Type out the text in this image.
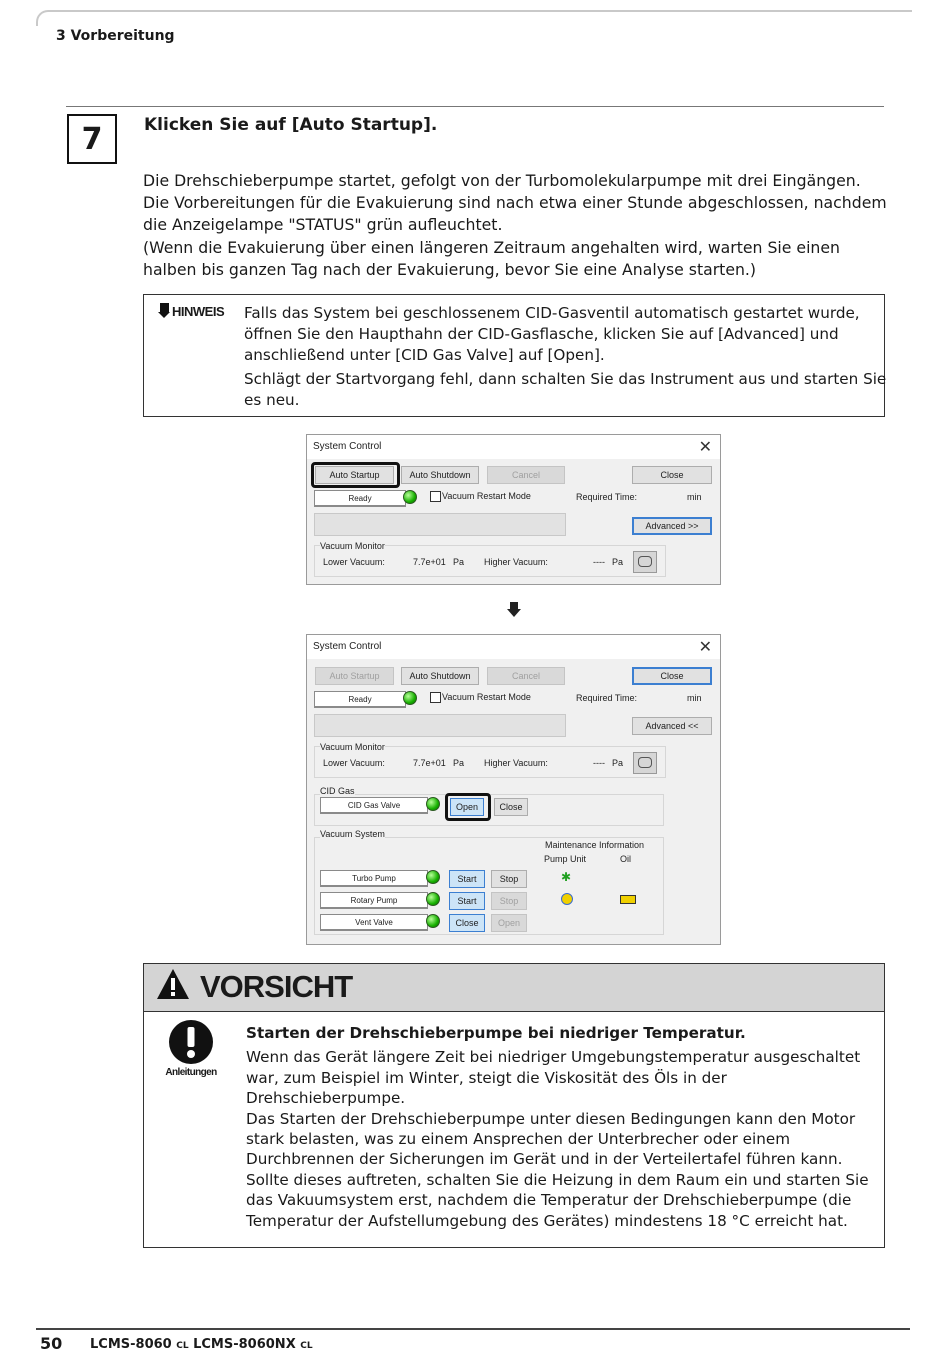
3 Vorbereitung
7	Klicken Sie auf [Auto Startup].
Die Drehschieberpumpe startet, gefolgt von der Turbomolekularpumpe mit drei Eingängen.
Die Vorbereitungen für die Evakuierung sind nach etwa einer Stunde abgeschlossen, nachdem
die Anzeigelampe "STATUS" grün aufleuchtet.
(Wenn die Evakuierung über einen längeren Zeitraum angehalten wird, warten Sie einen
halben bis ganzen Tag nach der Evakuierung, bevor Sie eine Analyse starten.)
HINWEIS Falls das System bei geschlossenem CID-Gasventil automatisch gestartet wurde,
öffnen Sie den Haupthahn der CID-Gasflasche, klicken Sie auf [Advanced] und
anschließend unter [CID Gas Valve] auf [Open].
Schlägt der Startvorgang fehl, dann schalten Sie das Instrument aus und starten Sie
es neu.
System Control	✕
Auto Startup	Auto Shutdown	Cancel	Close
Ready	Vacuum Restart Mode	Required Time:	min
Advanced >>
Vacuum Monitor
Lower Vacuum:	7.7e+01 Pa Higher Vacuum:	---- Pa
System Control	✕
Auto Startup	Auto Shutdown	Cancel	Close
Ready	Vacuum Restart Mode	Required Time:	min
Advanced <<
Vacuum Monitor
Lower Vacuum:	7.7e+01 Pa Higher Vacuum:	---- Pa
CID Gas
CID Gas Valve	Open	Close
Vacuum System
Maintenance Information
Pump Unit	Oil
Turbo Pump	Start	Stop	✱
Rotary Pump	Start	Stop
Vent Valve	Close	Open
VORSICHT
Anleitungen
Starten der Drehschieberpumpe bei niedriger Temperatur.
Wenn das Gerät längere Zeit bei niedriger Umgebungstemperatur ausgeschaltet
war, zum Beispiel im Winter, steigt die Viskosität des Öls in der
Drehschieberpumpe.
Das Starten der Drehschieberpumpe unter diesen Bedingungen kann den Motor
stark belasten, was zu einem Ansprechen der Unterbrecher oder einem
Durchbrennen der Sicherungen im Gerät und in der Verteilertafel führen kann.
Sollte dieses auftreten, schalten Sie die Heizung in dem Raum ein und starten Sie
das Vakuumsystem erst, nachdem die Temperatur der Drehschieberpumpe (die
Temperatur der Aufstellumgebung des Gerätes) mindestens 18 °C erreicht hat.
50 LCMS-8060 CL LCMS-8060NX CL
